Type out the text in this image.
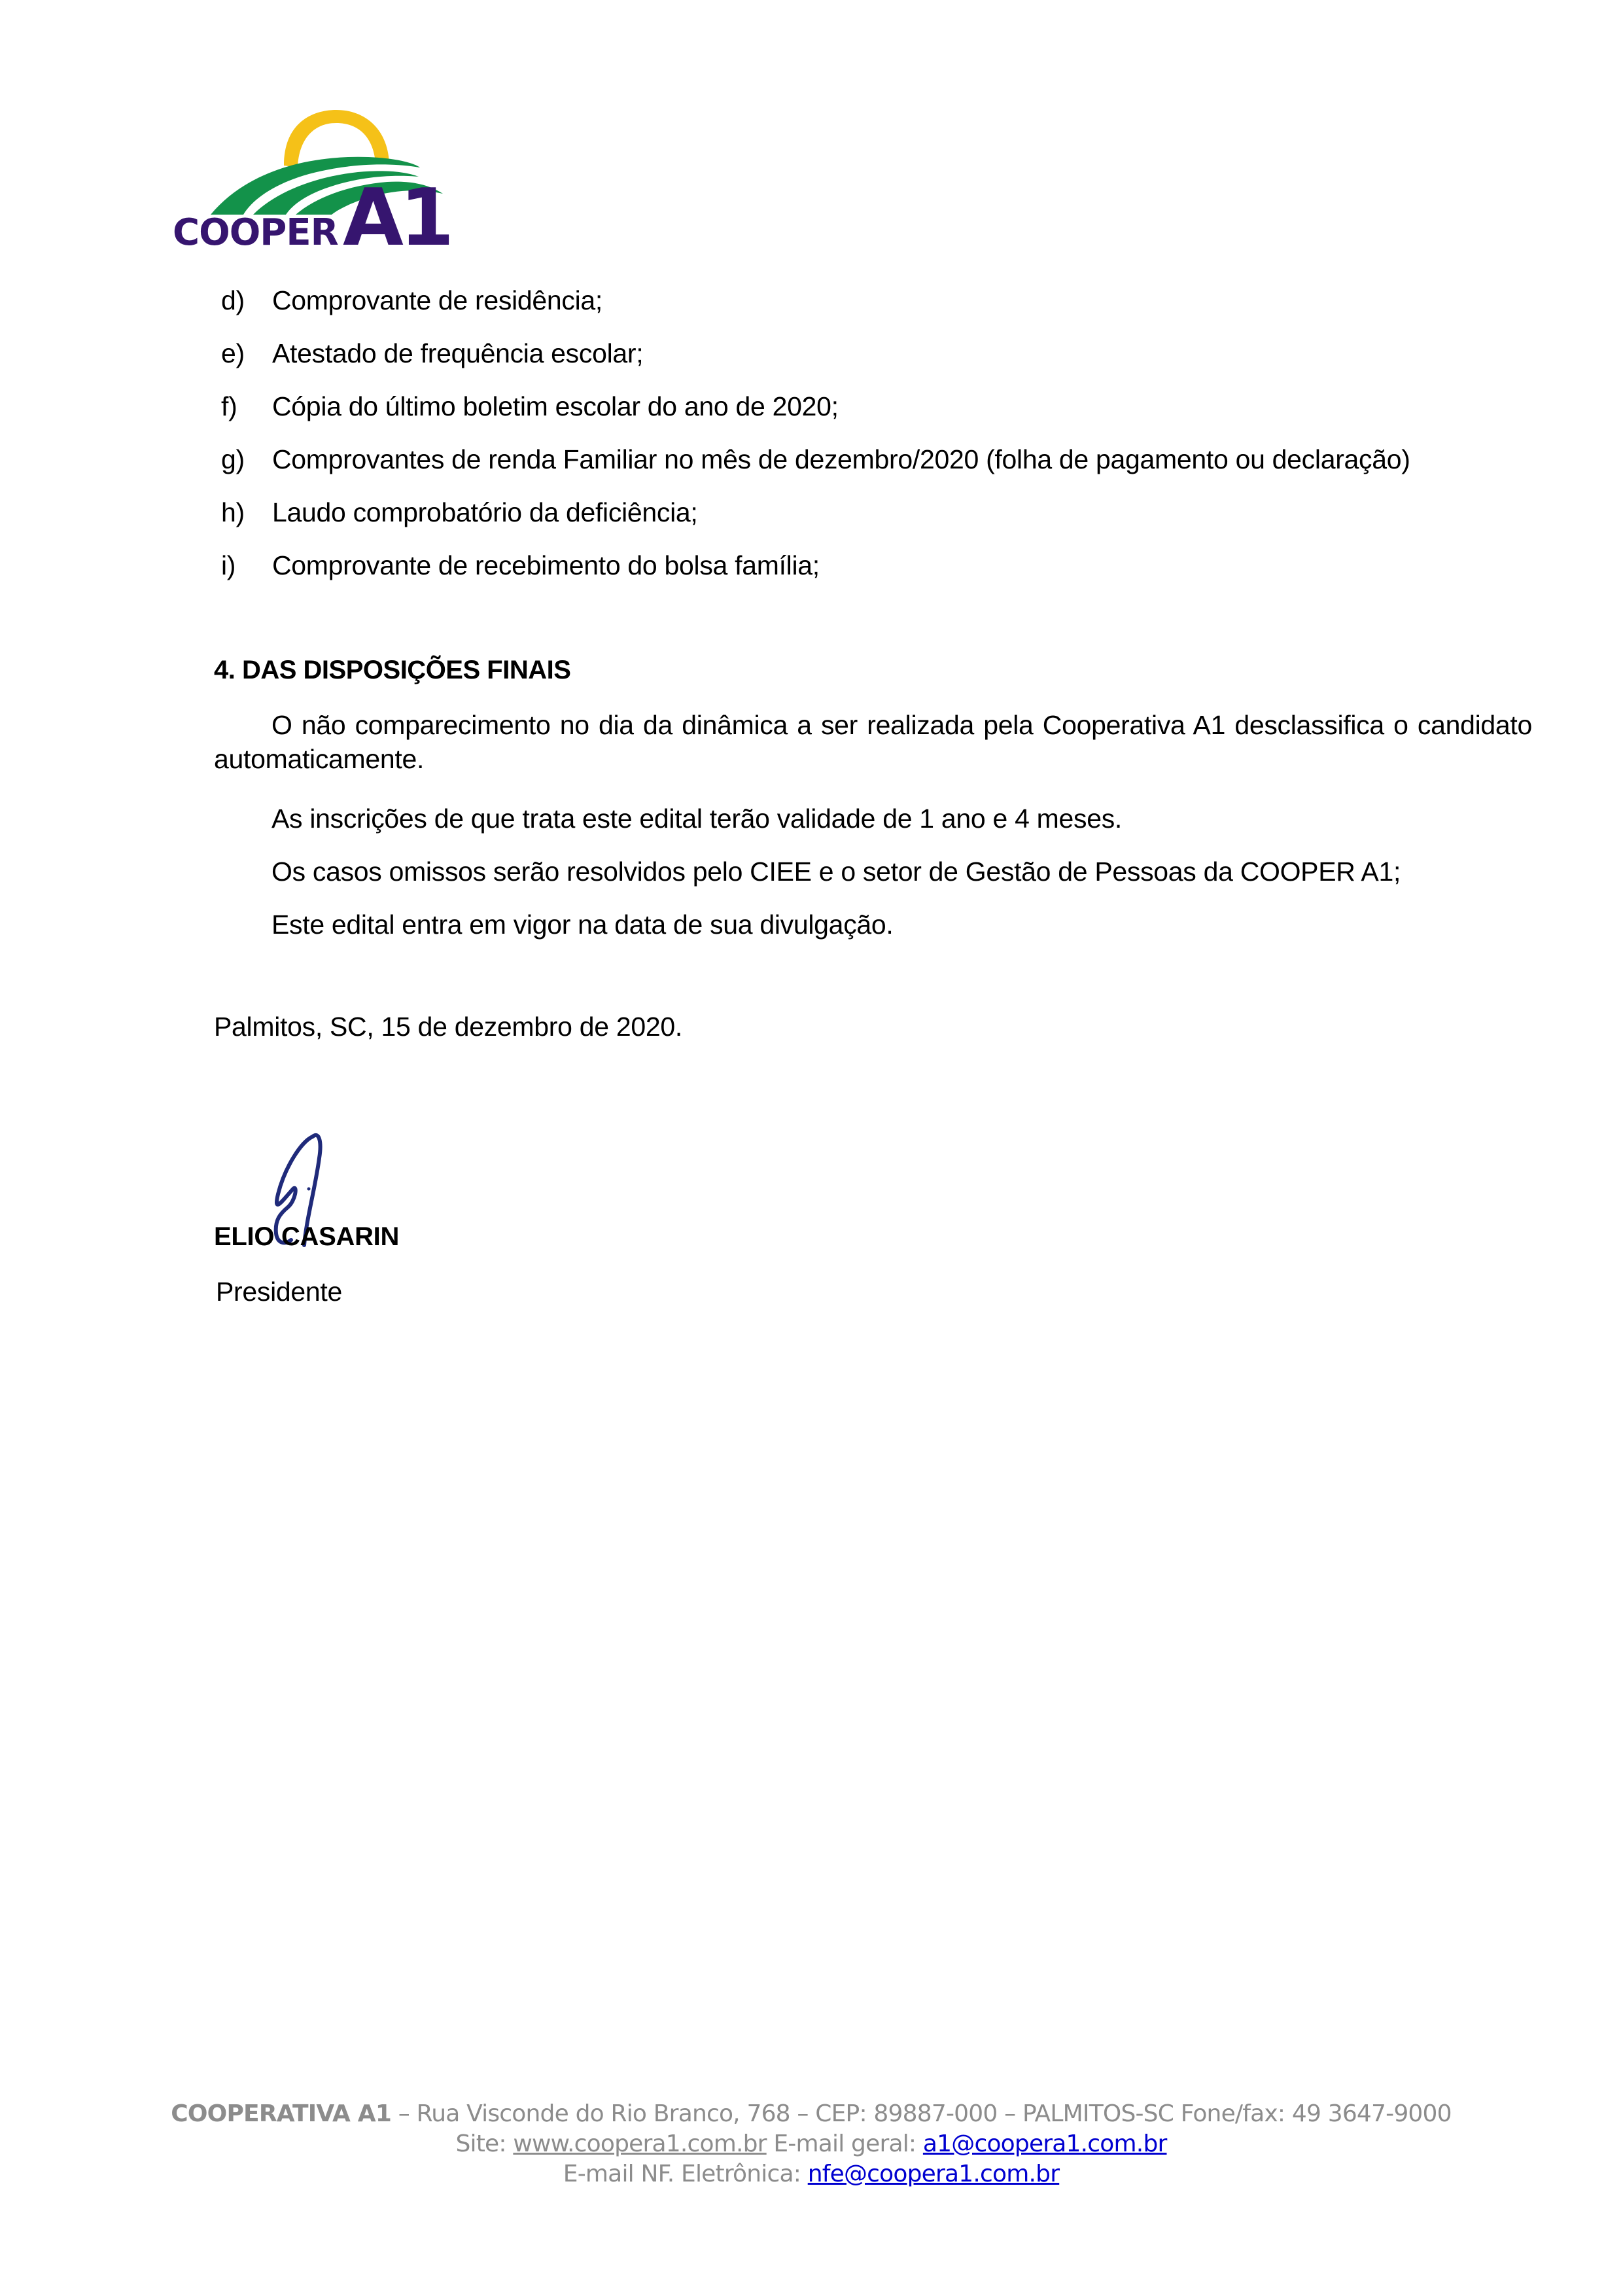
COOPER A1
d)	Comprovante de residência;
e)	Atestado de frequência escolar;
f)	Cópia do último boletim escolar do ano de 2020;
g)	Comprovantes de renda Familiar no mês de dezembro/2020 (folha de pagamento ou declaração)
h)	Laudo comprobatório da deficiência;
i)	Comprovante de recebimento do bolsa família;
4. DAS DISPOSIÇÕES FINAIS
O não comparecimento no dia da dinâmica a ser realizada pela Cooperativa A1 desclassifica o candidato automaticamente.
As inscrições de que trata este edital terão validade de 1 ano e 4 meses.
Os casos omissos serão resolvidos pelo CIEE e o setor de Gestão de Pessoas da COOPER A1;
Este edital entra em vigor na data de sua divulgação.
Palmitos, SC, 15 de dezembro de 2020.
ELIO CASARIN
Presidente
COOPERATIVA A1 – Rua Visconde do Rio Branco, 768 – CEP: 89887-000 – PALMITOS-SC Fone/fax: 49 3647-9000 Site: www.coopera1.com.br E-mail geral: a1@coopera1.com.br
E-mail NF. Eletrônica: nfe@coopera1.com.br
